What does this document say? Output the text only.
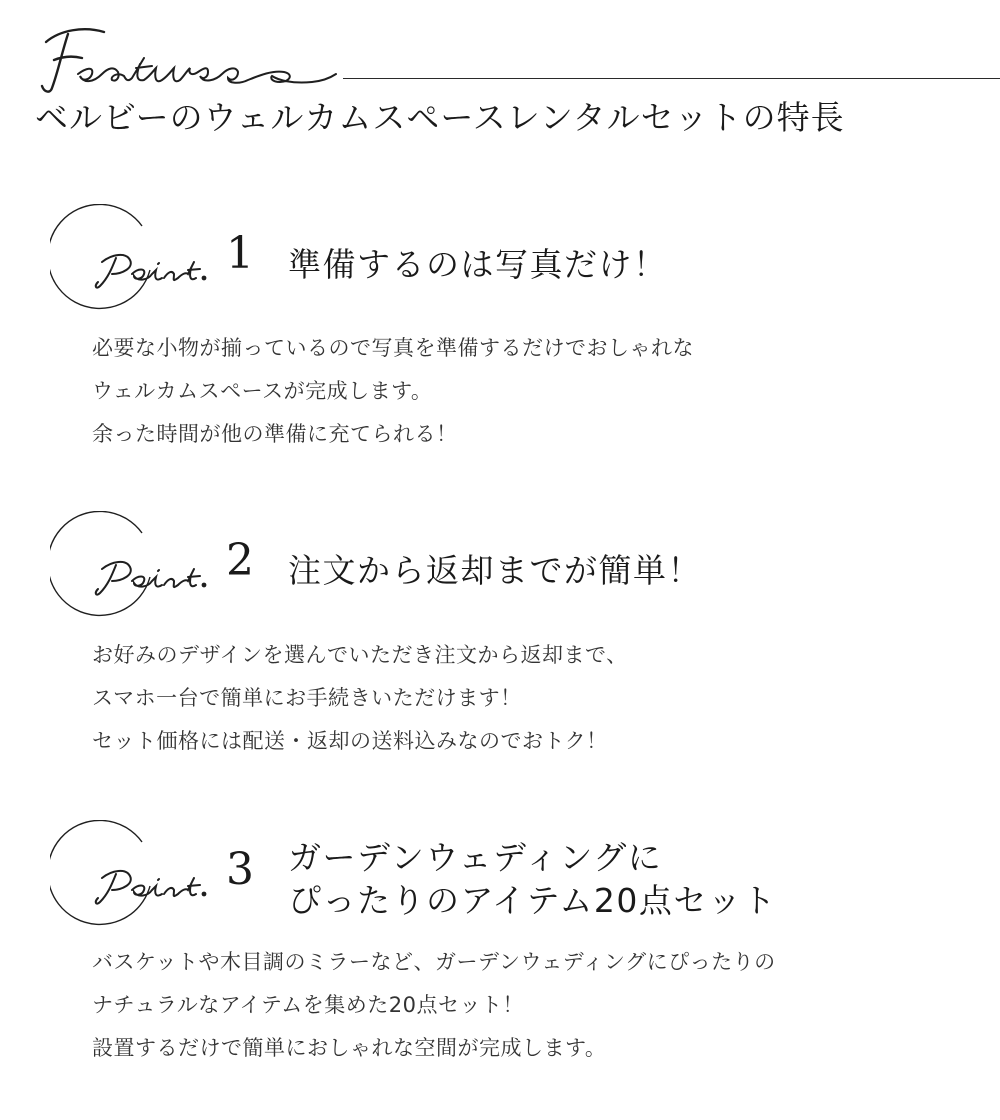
ベルビーのウェルカムスペースレンタルセットの特長
1 準備するのは写真だけ！
必要な小物が揃っているので写真を準備するだけでおしゃれな
ウェルカムスペースが完成します。
余った時間が他の準備に充てられる！
2 注文から返却までが簡単！
お好みのデザインを選んでいただき注文から返却まで、
スマホ一台で簡単にお手続きいただけます！
セット価格には配送・返却の送料込みなのでおトク！
3 ガーデンウェディングに
ぴったりのアイテム20点セット
バスケットや木目調のミラーなど、ガーデンウェディングにぴったりの
ナチュラルなアイテムを集めた20点セット！
設置するだけで簡単におしゃれな空間が完成します。
